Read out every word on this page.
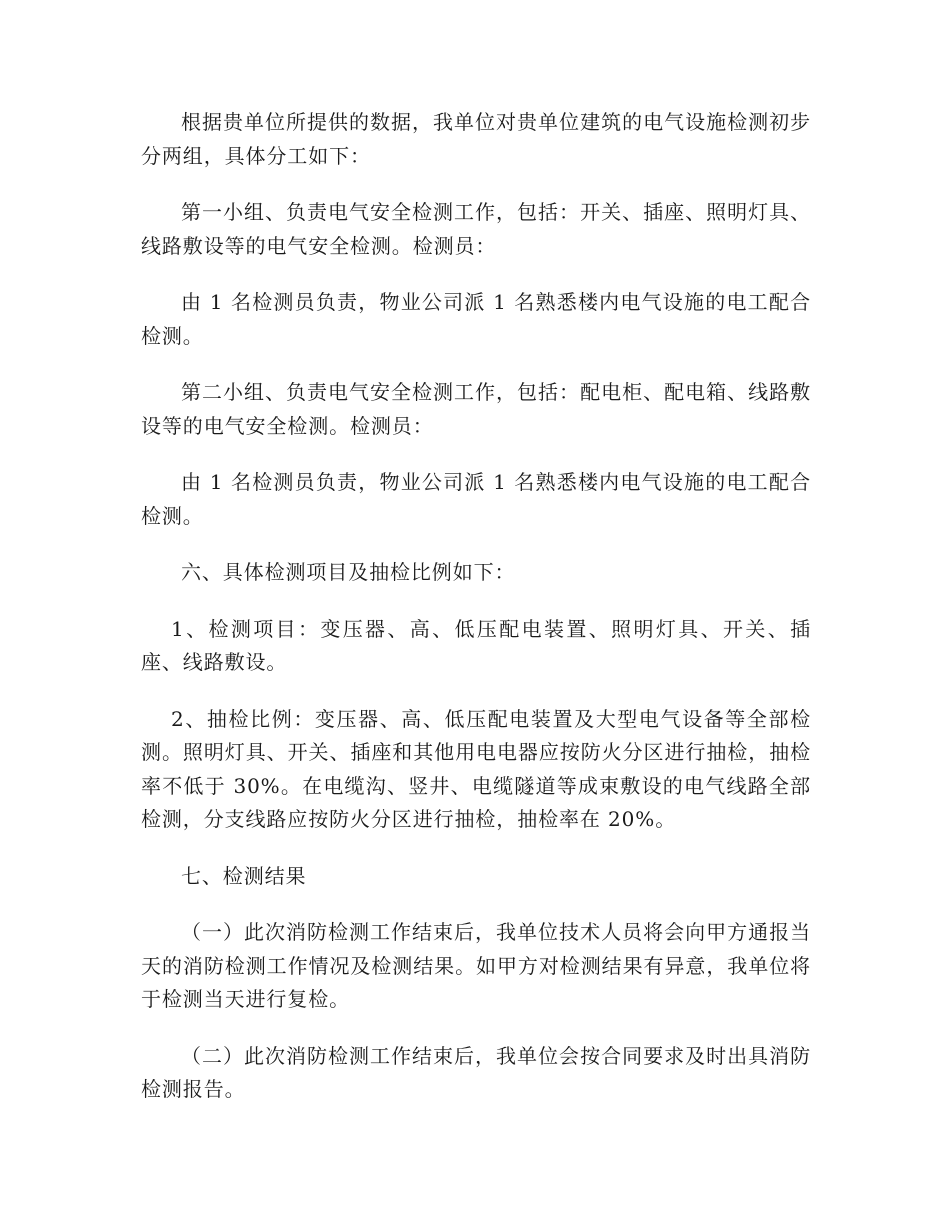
根据贵单位所提供的数据，我单位对贵单位建筑的电气设施检测初步分两组，具体分工如下：

第一小组、负责电气安全检测工作，包括：开关、插座、照明灯具、线路敷设等的电气安全检测。检测员：

由 1 名检测员负责，物业公司派 1 名熟悉楼内电气设施的电工配合检测。

第二小组、负责电气安全检测工作，包括：配电柜、配电箱、线路敷设等的电气安全检测。检测员：

由 1 名检测员负责，物业公司派 1 名熟悉楼内电气设施的电工配合检测。

六、具体检测项目及抽检比例如下：

1、检测项目：变压器、高、低压配电装置、照明灯具、开关、插座、线路敷设。

2、抽检比例：变压器、高、低压配电装置及大型电气设备等全部检测。照明灯具、开关、插座和其他用电电器应按防火分区进行抽检，抽检率不低于 30%。在电缆沟、竖井、电缆隧道等成束敷设的电气线路全部检测，分支线路应按防火分区进行抽检，抽检率在 20%。

七、检测结果

（一）此次消防检测工作结束后，我单位技术人员将会向甲方通报当天的消防检测工作情况及检测结果。如甲方对检测结果有异意，我单位将于检测当天进行复检。

（二）此次消防检测工作结束后，我单位会按合同要求及时出具消防检测报告。
